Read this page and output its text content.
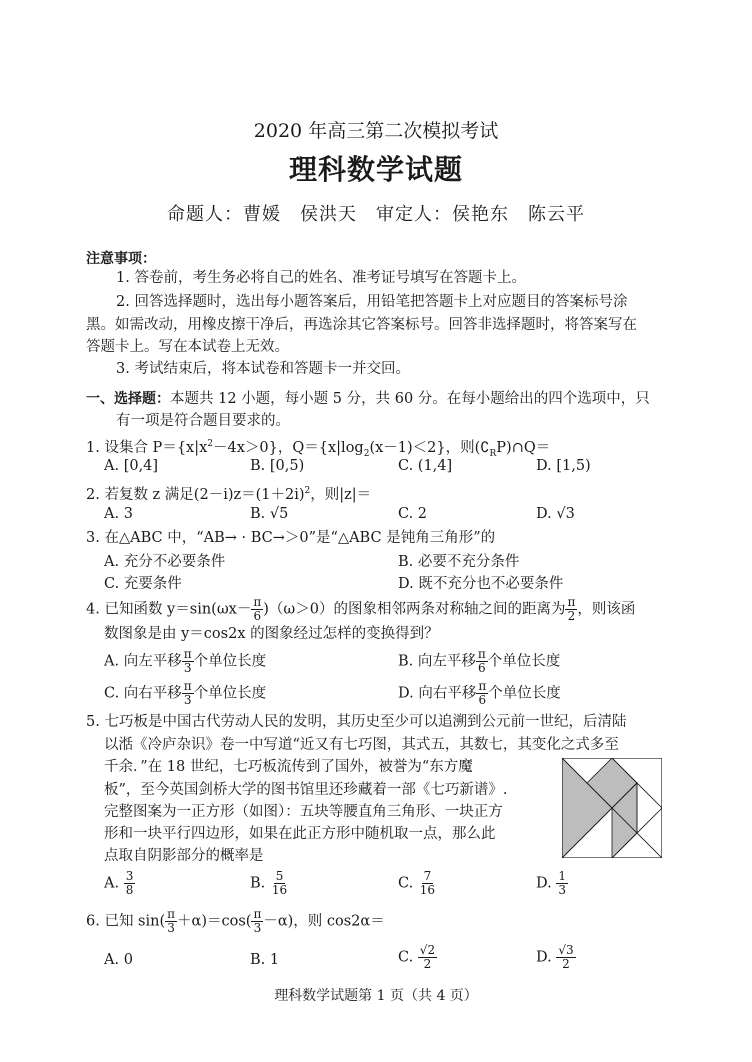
2020 年高三第二次模拟考试
理科数学试题
命题人：曹媛　侯洪天　审定人：侯艳东　陈云平
注意事项：
1. 答卷前，考生务必将自己的姓名、准考证号填写在答题卡上。
2. 回答选择题时，选出每小题答案后，用铅笔把答题卡上对应题目的答案标号涂
黑。如需改动，用橡皮擦干净后，再选涂其它答案标号。回答非选择题时，将答案写在
答题卡上。写在本试卷上无效。
3. 考试结束后，将本试卷和答题卡一并交回。
一、选择题：本题共 12 小题，每小题 5 分，共 60 分。在每小题给出的四个选项中，只
有一项是符合题目要求的。
1. 设集合 $P=\{x|x^2-4x>0\}$，$Q=\{x|\log_2(x-1)<2\}$，则$(∁_RP)\cap Q=$
A. [0,4]	B. [0,5)	C. (1,4]	D. [1,5)
2. 若复数 z 满足$(2-i)z=(1+2i)^2$，则|z|＝
A. 3	B. √5	C. 2	D. √3
3. 在△ABC 中，“AB→ · BC→＞0”是“△ABC 是钝角三角形”的
A. 充分不必要条件	B. 必要不充分条件
C. 充要条件	D. 既不充分也不必要条件
4. 已知函数 $y=\sin(\omega x- \frac{\pi}{6} )(\omega>0)$的图象相邻两条对称轴之间的距离为 $\frac{\pi}{2}$ ，则该函
数图象是由 y＝cos2x 的图象经过怎样的变换得到？
A. 向左平移 $\frac{\pi}{3}$ 个单位长度	B. 向左平移 $\frac{\pi}{6}$ 个单位长度
C. 向右平移 $\frac{\pi}{3}$ 个单位长度	D. 向右平移 $\frac{\pi}{6}$ 个单位长度
5. 七巧板是中国古代劳动人民的发明，其历史至少可以追溯到公元前一世纪，后清陆
以湉《冷庐杂识》卷一中写道“近又有七巧图，其式五，其数七，其变化之式多至
千余．”在 18 世纪，七巧板流传到了国外，被誉为“东方魔
板”，至今英国剑桥大学的图书馆里还珍藏着一部《七巧新谱》.
完整图案为一正方形（如图）：五块等腰直角三角形、一块正方
形和一块平行四边形，如果在此正方形中随机取一点，那么此
点取自阴影部分的概率是
A. $\frac{3}{8}$	B. $\frac{5}{16}$	C. $\frac{7}{16}$	D. $\frac{1}{3}$
6. 已知 $\sin( \frac{\pi}{3} +\alpha)=\cos( \frac{\pi}{3} -\alpha)$，则 cos2α＝
A. 0	B. 1	C. $\frac{√2}{2}$	D. $\frac{√3}{2}$
理科数学试题第 1 页（共 4 页）
